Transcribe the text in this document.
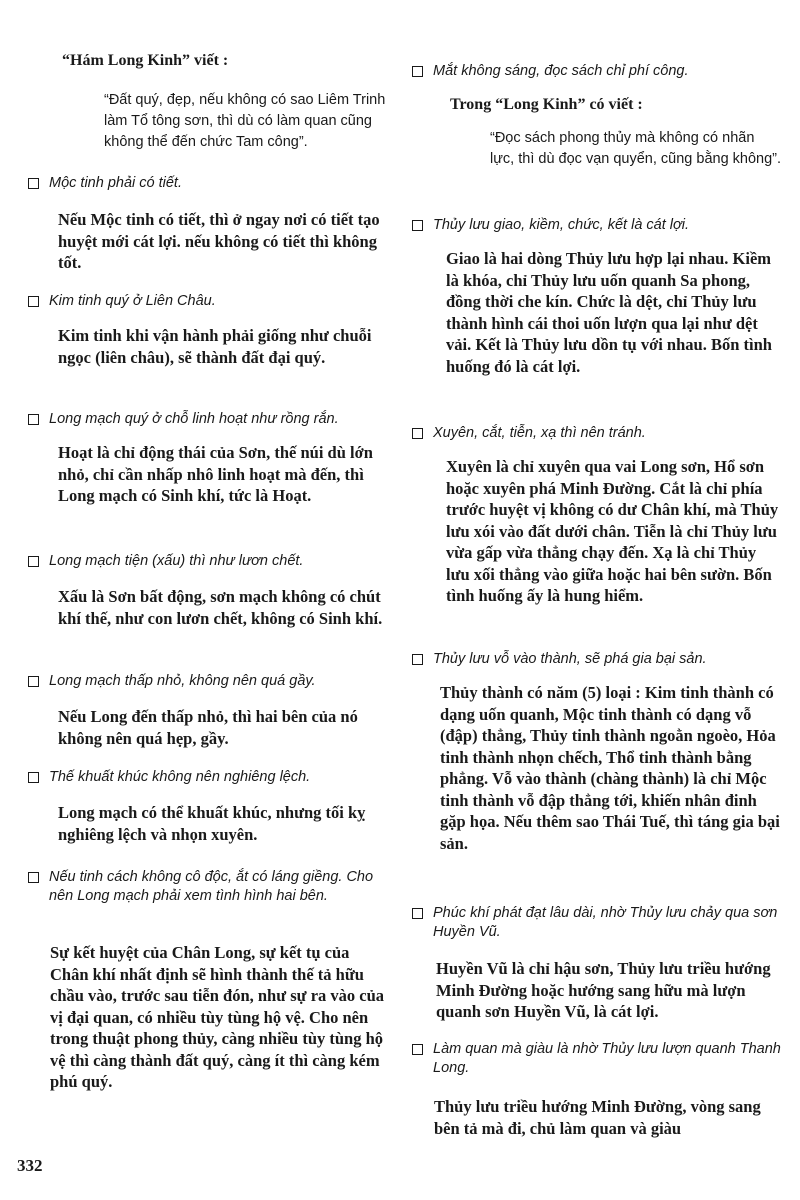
“Hám Long Kinh” viết :
“Đất quý, đẹp, nếu không có sao Liêm Trinh làm Tổ tông sơn, thì dù có làm quan cũng không thể đến chức Tam công”.
Mộc tinh phải có tiết.
Nếu Mộc tinh có tiết, thì ở ngay nơi có tiết tạo huyệt mới cát lợi. nếu không có tiết thì không tốt.
Kim tinh quý ở Liên Châu.
Kim tinh khi vận hành phải giống như chuỗi ngọc (liên châu), sẽ thành đất đại quý.
Long mạch quý ở chỗ linh hoạt như rồng rắn.
Hoạt là chỉ động thái của Sơn, thế núi dù lớn nhỏ, chỉ cần nhấp nhô linh hoạt mà đến, thì Long mạch có Sinh khí, tức là Hoạt.
Long mạch tiện (xấu) thì như lươn chết.
Xấu là Sơn bất động, sơn mạch không có chút khí thế, như con lươn chết, không có Sinh khí.
Long mạch thấp nhỏ, không nên quá gầy.
Nếu Long đến thấp nhỏ, thì hai bên của nó không nên quá hẹp, gầy.
Thế khuất khúc không nên nghiêng lệch.
Long mạch có thể khuất khúc, nhưng tối kỵ nghiêng lệch và nhọn xuyên.
Nếu tinh cách không cô độc, ắt có láng giềng. Cho nên Long mạch phải xem tình hình hai bên.
Sự kết huyệt của Chân Long, sự kết tụ của Chân khí nhất định sẽ hình thành thế tả hữu chầu vào, trước sau tiễn đón, như sự ra vào của vị đại quan, có nhiều tùy tùng hộ vệ. Cho nên trong thuật phong thủy, càng nhiều tùy tùng hộ vệ thì càng thành đất quý, càng ít thì càng kém phú quý.
Mắt không sáng, đọc sách chỉ phí công.
Trong “Long Kinh” có viết :
“Đọc sách phong thủy mà không có nhãn lực, thì dù đọc vạn quyển, cũng bằng không”.
Thủy lưu giao, kiềm, chức, kết là cát lợi.
Giao là hai dòng Thủy lưu hợp lại nhau. Kiềm là khóa, chỉ Thủy lưu uốn quanh Sa phong, đồng thời che kín. Chức là dệt, chỉ Thủy lưu thành hình cái thoi uốn lượn qua lại như dệt vải. Kết là Thủy lưu dồn tụ với nhau. Bốn tình huống đó là cát lợi.
Xuyên, cắt, tiễn, xạ thì nên tránh.
Xuyên là chỉ xuyên qua vai Long sơn, Hổ sơn hoặc xuyên phá Minh Đường. Cắt là chỉ phía trước huyệt vị không có dư Chân khí, mà Thủy lưu xói vào đất dưới chân. Tiễn là chỉ Thủy lưu vừa gấp vừa thẳng chạy đến. Xạ là chỉ Thủy lưu xối thẳng vào giữa hoặc hai bên sườn. Bốn tình huống ấy là hung hiểm.
Thủy lưu vỗ vào thành, sẽ phá gia bại sản.
Thủy thành có năm (5) loại : Kim tinh thành có dạng uốn quanh, Mộc tinh thành có dạng vỗ (đập) thẳng, Thủy tinh thành ngoằn ngoèo, Hỏa tinh thành nhọn chếch, Thổ tinh thành bằng phẳng. Vỗ vào thành (chàng thành) là chỉ Mộc tinh thành vỗ đập thẳng tới, khiến nhân đinh gặp họa. Nếu thêm sao Thái Tuế, thì táng gia bại sản.
Phúc khí phát đạt lâu dài, nhờ Thủy lưu chảy qua sơn Huyền Vũ.
Huyền Vũ là chỉ hậu sơn, Thủy lưu triều hướng Minh Đường hoặc hướng sang hữu mà lượn quanh sơn Huyền Vũ, là cát lợi.
Làm quan mà giàu là nhờ Thủy lưu lượn quanh Thanh Long.
Thủy lưu triều hướng Minh Đường, vòng sang bên tả mà đi, chủ làm quan và giàu
332
